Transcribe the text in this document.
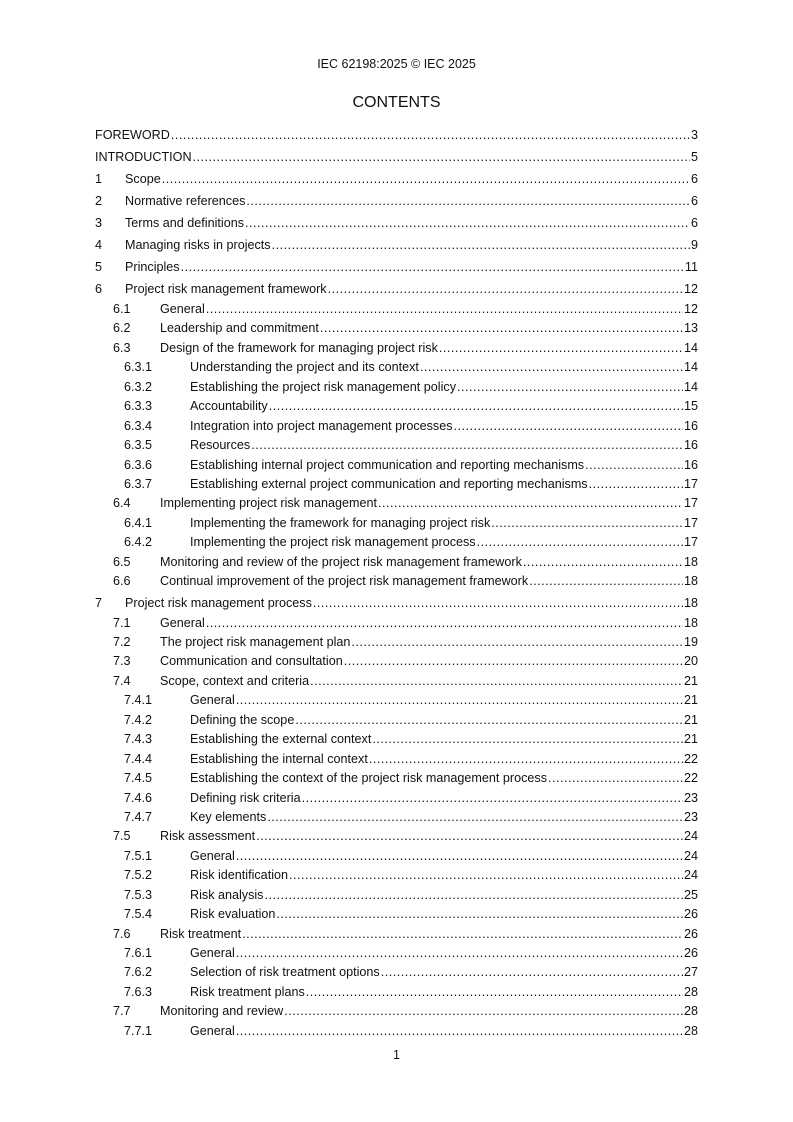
IEC 62198:2025 © IEC 2025
CONTENTS
FOREWORD .....	3
INTRODUCTION .....	5
1	Scope .....	6
2	Normative references .....	6
3	Terms and definitions .....	6
4	Managing risks in projects .....	9
5	Principles .....	11
6	Project risk management framework .....	12
6.1	General .....	12
6.2	Leadership and commitment .....	13
6.3	Design of the framework for managing project risk .....	14
6.3.1	Understanding the project and its context .....	14
6.3.2	Establishing the project risk management policy .....	14
6.3.3	Accountability .....	15
6.3.4	Integration into project management processes .....	16
6.3.5	Resources .....	16
6.3.6	Establishing internal project communication and reporting mechanisms .....	16
6.3.7	Establishing external project communication and reporting mechanisms .....	17
6.4	Implementing project risk management .....	17
6.4.1	Implementing the framework for managing project risk .....	17
6.4.2	Implementing the project risk management process .....	17
6.5	Monitoring and review of the project risk management framework .....	18
6.6	Continual improvement of the project risk management framework .....	18
7	Project risk management process .....	18
7.1	General .....	18
7.2	The project risk management plan .....	19
7.3	Communication and consultation .....	20
7.4	Scope, context and criteria .....	21
7.4.1	General .....	21
7.4.2	Defining the scope .....	21
7.4.3	Establishing the external context .....	21
7.4.4	Establishing the internal context .....	22
7.4.5	Establishing the context of the project risk management process .....	22
7.4.6	Defining risk criteria .....	23
7.4.7	Key elements .....	23
7.5	Risk assessment .....	24
7.5.1	General .....	24
7.5.2	Risk identification .....	24
7.5.3	Risk analysis .....	25
7.5.4	Risk evaluation .....	26
7.6	Risk treatment .....	26
7.6.1	General .....	26
7.6.2	Selection of risk treatment options .....	27
7.6.3	Risk treatment plans .....	28
7.7	Monitoring and review .....	28
7.7.1	General .....	28
1
